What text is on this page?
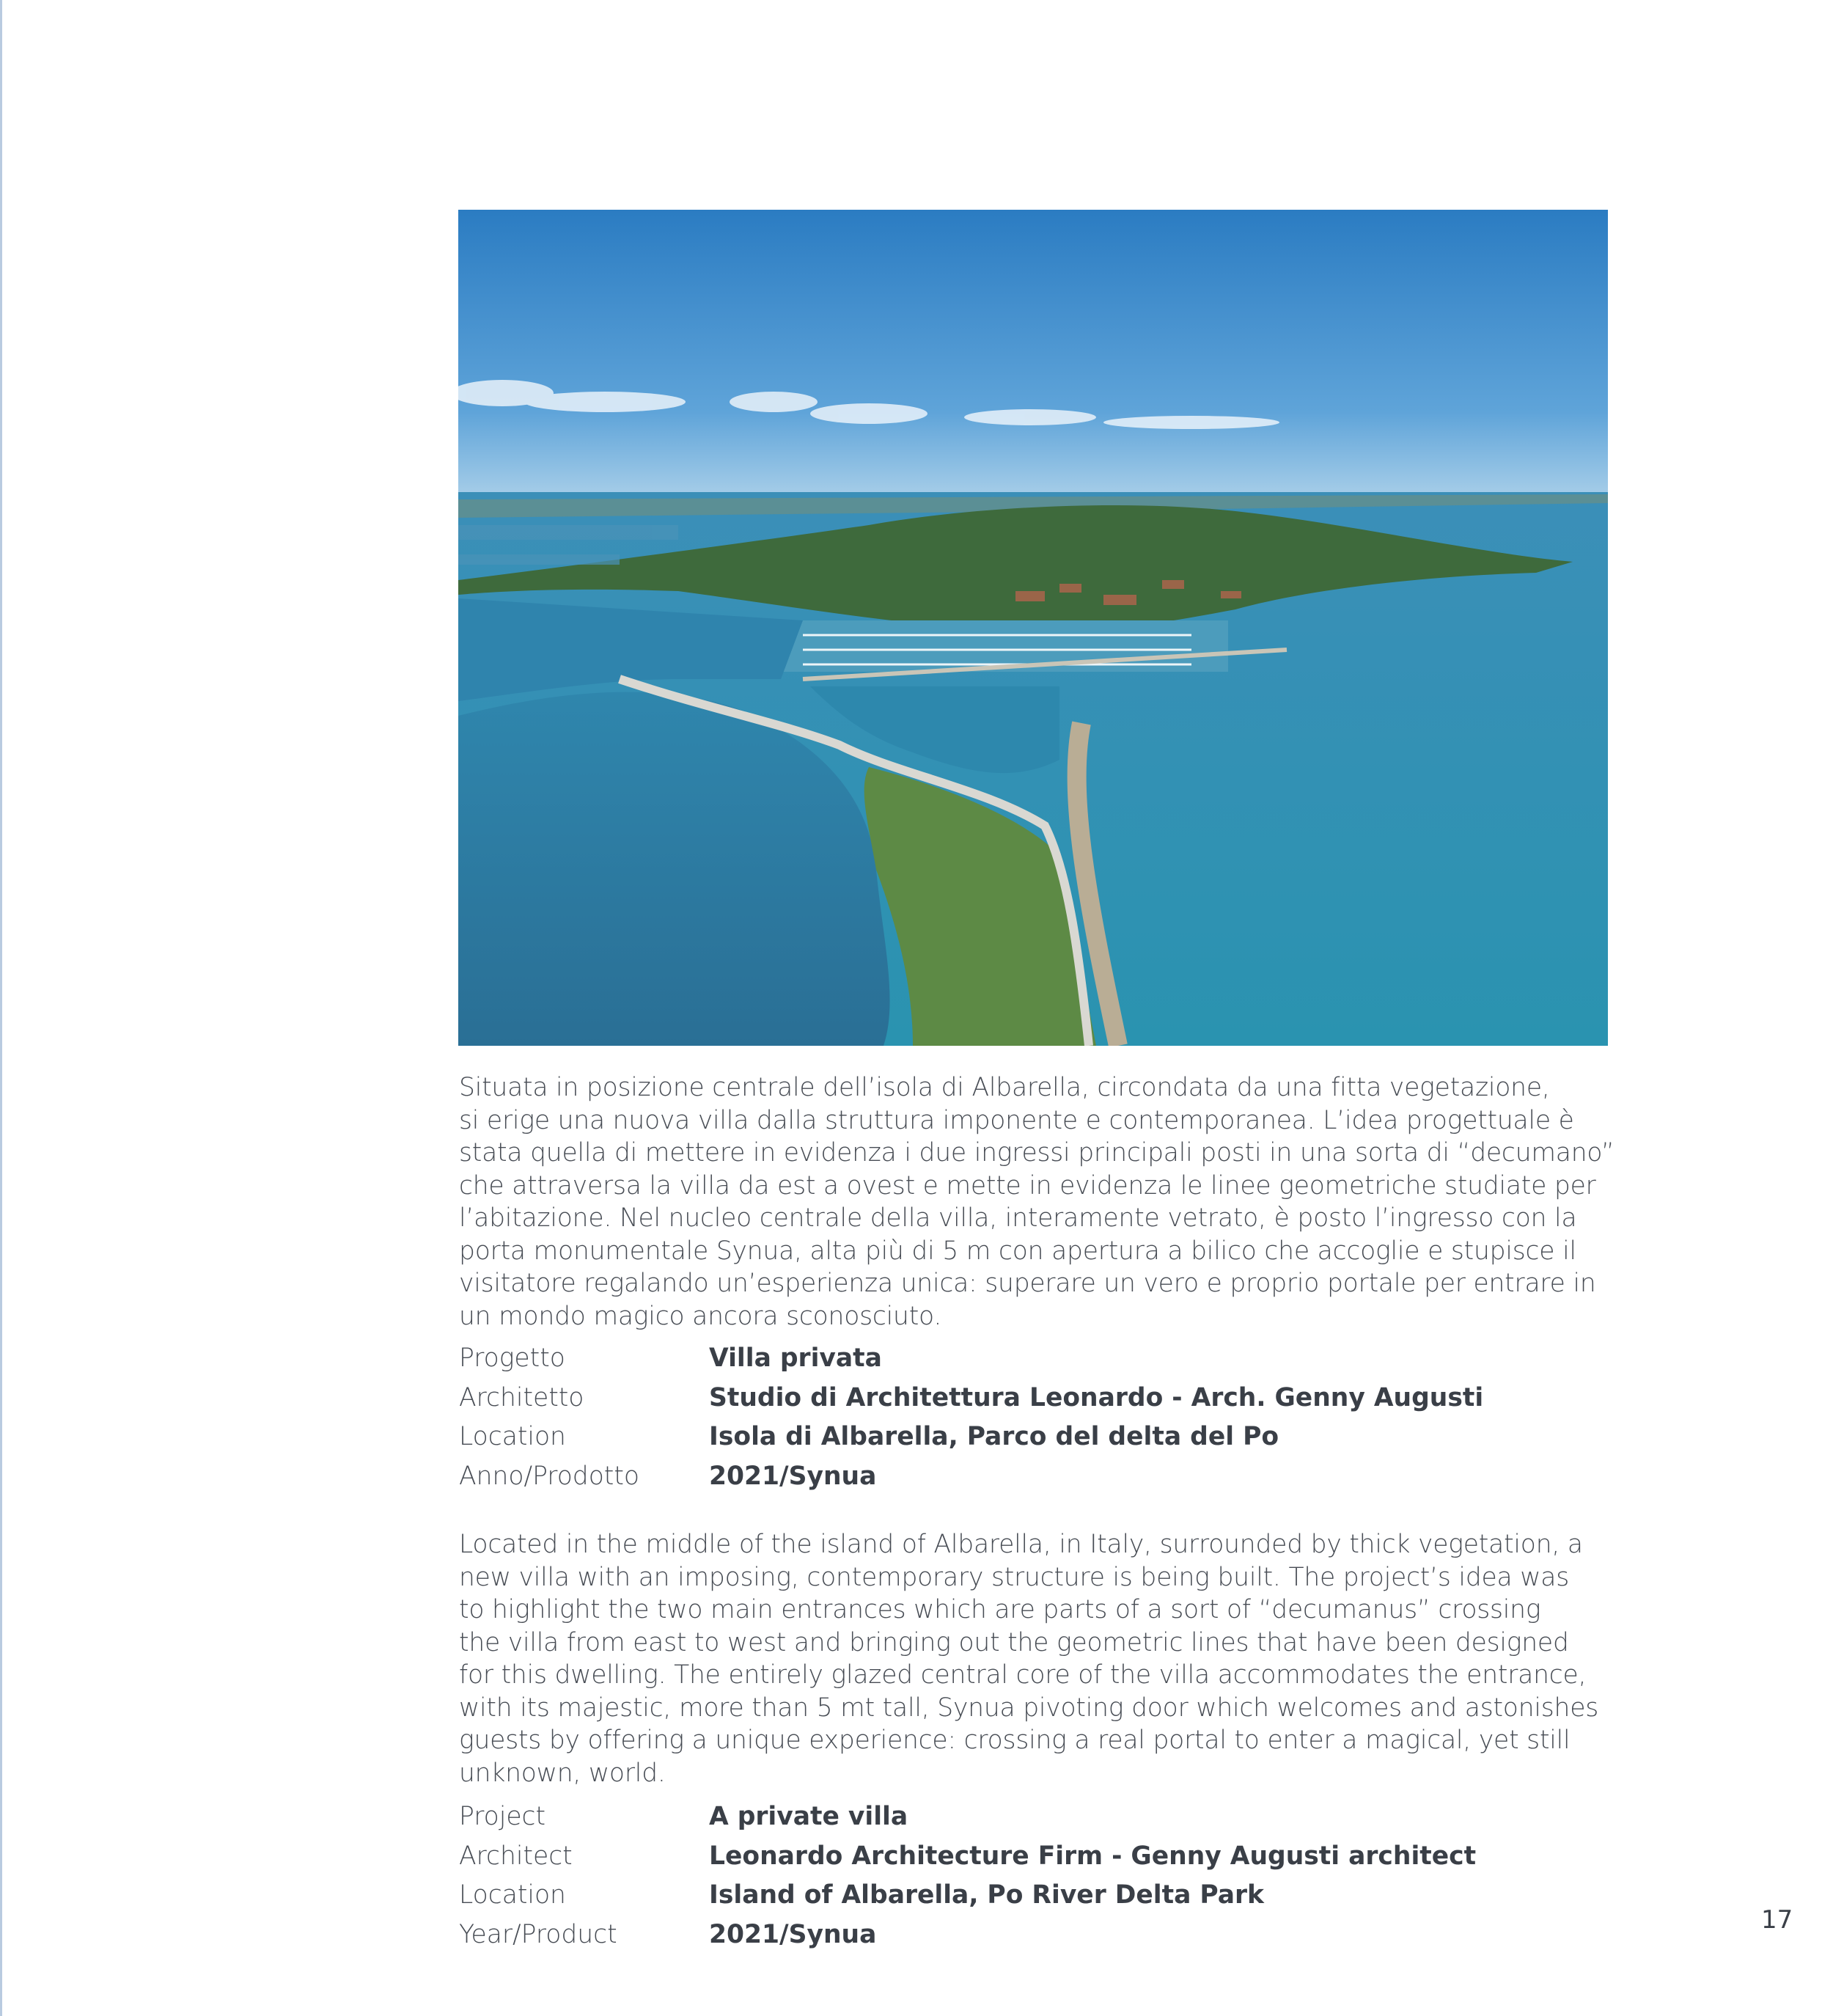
Situata in posizione centrale dell’isola di Albarella, circondata da una fitta vegetazione,
si erige una nuova villa dalla struttura imponente e contemporanea. L’idea progettuale è
stata quella di mettere in evidenza i due ingressi principali posti in una sorta di “decumano”
che attraversa la villa da est a ovest e mette in evidenza le linee geometriche studiate per
l’abitazione. Nel nucleo centrale della villa, interamente vetrato, è posto l’ingresso con la
porta monumentale Synua, alta più di 5 m con apertura a bilico che accoglie e stupisce il
visitatore regalando un’esperienza unica: superare un vero e proprio portale per entrare in
un mondo magico ancora sconosciuto.

Progetto	Villa privata
Architetto	Studio di Architettura Leonardo - Arch. Genny Augusti
Location	Isola di Albarella, Parco del delta del Po
Anno/Prodotto	2021/Synua

Located in the middle of the island of Albarella, in Italy, surrounded by thick vegetation, a
new villa with an imposing, contemporary structure is being built. The project’s idea was
to highlight the two main entrances which are parts of a sort of “decumanus” crossing
the villa from east to west and bringing out the geometric lines that have been designed
for this dwelling. The entirely glazed central core of the villa accommodates the entrance,
with its majestic, more than 5 mt tall, Synua pivoting door which welcomes and astonishes
guests by offering a unique experience: crossing a real portal to enter a magical, yet still
unknown, world.

Project	A private villa
Architect	Leonardo Architecture Firm - Genny Augusti architect
Location	Island of Albarella, Po River Delta Park
Year/Product	2021/Synua	17
